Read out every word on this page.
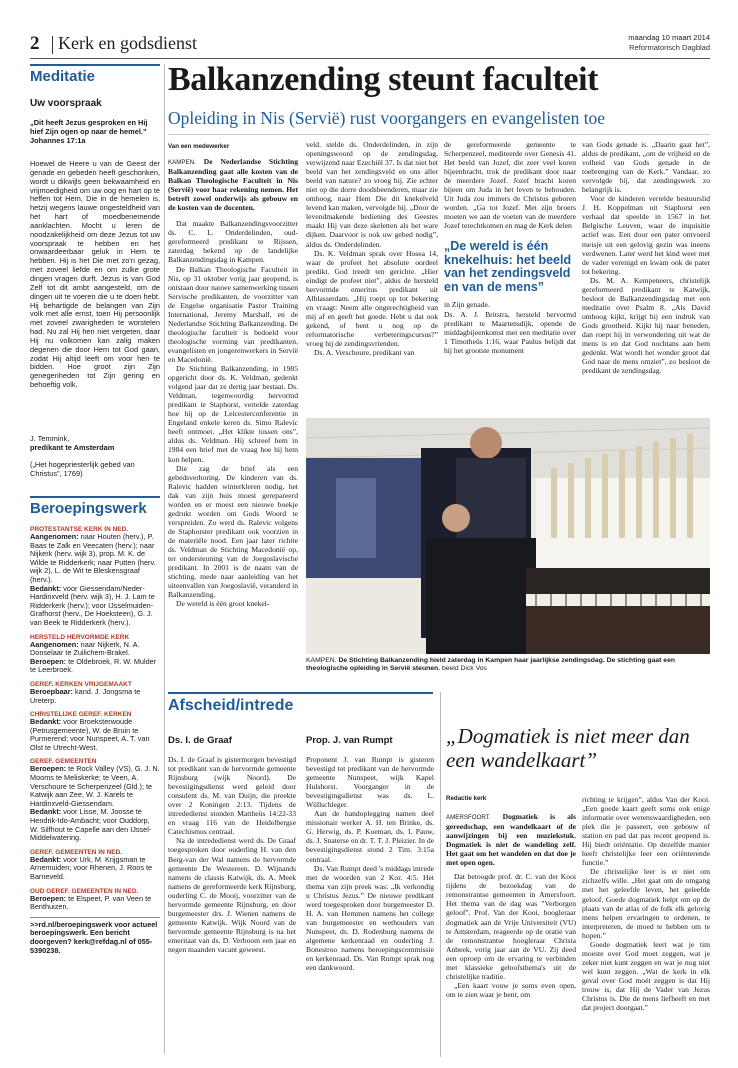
2 Kerk en godsdienst	maandag 10 maart 2014
Reformatorisch Dagblad
Meditatie
Uw voorspraak
„Dit heeft Jezus gesproken en Hij hief Zijn ogen op naar de hemel.” Johannes 17:1a
Hoewel de Heere u van de Geest der genade en gebeden heeft geschonken, wordt u dikwijls geen bekwaamheid en vrijmoedigheid om uw oog en hart op te heffen tot Hem, Die in de hemelen is, hetzij wegens lauwe ongesteldheid van het hart of moedbenemende aanklachten. Mocht u leren de noodzakelijkheid om deze Jezus tot uw voorspraak te hebben en het onwaardeerbaar geluk in Hem te hebben. Hij is het Die met zo'n gezag, met zoveel liefde en om zulke grote dingen vragen durft. Jezus is van God Zelf tot dit ambt aangesteld, om de dingen uit te voeren die u te doen hebt. Hij behartigde de belangen van Zijn volk met alle ernst, toen Hij persoonlijk met zoveel zwarigheden te worstelen had. Nu zal Hij hen niet vergeten, daar Hij nu volkomen kan zalig maken degenen die door Hem tot God gaan, zodat Hij altijd leeft om voor hen te bidden. Hoe groot zijn Zijn genegenheden tot Zijn gering en behoeftig volk.
J. Temmink,
predikant te Amsterdam
(„Het hogepriesterlijk gebed van Christus”, 1769)
Beroepingswerk
PROTESTANTSE KERK IN NED.

Aangenomen: naar Houten (herv.), P. Baas te Zalk en Veecaten (herv.); naar Nijkerk (herv. wijk 3), prop. M. K. de Wilde te Ridderkerk; naar Putten (herv. wijk 2), L. de Wit te Bleskensgraaf (herv.).

Bedankt: voor Giessendam/Neder-Hardinxveld (herv. wijk 3), H. J. Lam te Ridderkerk (herv.); voor IJsselmuiden-Grafhorst (herv., De Hoeksteen), G. J. van Beek te Ridderkerk (herv.).

HERSTELD HERVORMDE KERK

Aangenomen: naar Nijkerk, N. A. Donselaar te Zuilichem-Brakel.

Beroepen: te Oldebroek, R. W. Mulder te Leerbroek.

GEREF. KERKEN VRIJGEMAAKT

Beroepbaar: kand. J. Jongsma te Ureterp.

CHRISTELIJKE GEREF. KERKEN

Bedankt: voor Broeksterwoude (Petrusgemeente), W. de Bruin te Purmerend; voor Nunspeet, A. T. van Olst te Utrecht-West.

GEREF. GEMEENTEN

Beroepen: te Rock Valley (VS), G. J. N. Mooms te Meliskerke; te Veen, A. Verschoure te Scherpenzeel (Gld.); te Katwijk aan Zee, W. J. Karels te Hardinxveld-Giessendam.

Bedankt: voor Lisse, M. Joosse te Hendrik-Ido-Ambacht; voor Ouddorp, W. Silfhout te Capelle aan den IJssel-Middelwatering.

GEREF. GEMEENTEN IN NED.

Bedankt: voor Urk, M. Krijgsman te Arnemuiden; voor Rhenen, J. Roos te Barneveld.

OUD GEREF. GEMEENTEN IN NED.

Beroepen: te Elspeet, P. van Veen te Benthuizen.

>>rd.nl/beroepingswerk voor actueel beroepingswerk. Een bericht doorgeven? kerk@refdag.nl of 055-5390238.

Balkanzending steunt faculteit
Opleiding in Nis (Servië) rust voorgangers en evangelisten toe
Van een medewerker

KAMPEN. De Nederlandse Stichting Balkanzending gaat alle kosten van de Balkan Theologische Faculteit in Nis (Servië) voor haar rekening nemen. Het betreft zowel onderwijs als gebouw en de kosten van de docenten.

Dat maakte Balkanzendingsvoorzitter ds. C. L. Onderdelinden, oud-gereformeerd predikant te Rijssen, zaterdag bekend op de landelijke Balkanzendingsdag in Kampen.

De Balkan Theologische Faculteit in Nis, op 31 oktober vorig jaar geopend, is ontstaan door nauwe samenwerking tussen Servische predikanten, de voorzitter van de Engelse organisatie Pastor Training International, Jeremy Marshall, en de Nederlandse Stichting Balkanzending. De theologische faculteit is bedoeld voor theologische vorming van predikanten, evangelisten en jongerenwerkers in Servië en Macedonië.

De Stichting Balkanzending, in 1985 opgericht door ds. K. Veldman, gedenkt volgend jaar dat ze dertig jaar bestaat. Ds. Veldman, tegenwoordig hervormd predikant te Staphorst, vertelde zaterdag hoe hij op de Leicesterconferentie in Engeland enkele keren ds. Simo Ralevic heeft ontmoet. „Het klikte tussen ons”, aldus ds. Veldman. Hij schreef hem in 1984 een brief met de vraag hoe hij hem kon helpen.

Die zag de brief als een gebedsverhoring. De kinderen van ds. Ralevic hadden winterkleren nodig, het dak van zijn huis moest gerepareerd worden en er moest een nieuwe boekje gedrukt worden om Gods Woord te verspreiden. Zo werd ds. Ralevic volgens de Staphorster predikant ook voorzien in de materiële nood. Een jaar later richtte ds. Veldman de Stichting Macedonië op, ter ondersteuning van de Joegoslavische predikant. In 2001 is de naam van de stichting, mede naar aanleiding van het uiteenvallen van Joegoslavië, veranderd in Balkanzending.

De wereld is één groot knekel-

veld. stelde ds. Onderdelinden, in zijn openingswoord op de zendingsdag, verwijzend naar Ezechiël 37. Is dat niet het beeld van het zendingsveld en ons aller beeld van nature? zo vroeg hij. Zie echter niet op die dorre doodsbeenderen, maar zie omhoog, naar Hem Die dit knekelveld levend kan maken, vervolgde hij. „Door de levendmakende bediening des Geestes maakt Hij van deze skeletten als het ware dijken. Daarvoor is ook uw gebed nodig”, aldus ds. Onderdelinden.

Ds. K. Veldman sprak over Hosea 14, waar de profeet het absolute oordeel predikt. God treedt ten gerichte. „Hier eindigt de profeet niet”, aldus de hersteld hervormde emeritus predikant uit Alblasserdam. „Hij roept op tot bekering en vraagt: Neem alle ongerechtigheid van mij af en geeft het goede. Hebt u dat ook gekend, of bent u nog op de reformatorische verbeteringscursus?” vroeg hij de zendingsvrienden.

Ds. A. Verschoure, predikant van

de gereformeerde gemeente te Scherpenzeel, mediteerde over Genesis 41. Het beeld van Jozef, die zeer veel koren bijeenbracht, trok de predikant door naar de meerdere Jozef. Jozef bracht koren bijeen om Juda in het leven te behouden. Uit Juda zou immers de Christus geboren worden. „Ga tot Jozef. Met zijn broers moeten we aan de voeten van de meerdere Jozef terechtkomen en mag de Kerk delen

„De wereld is één knekelhuis: het beeld van het zendingsveld en van de mens”

in Zijn genade.
Ds. A. J. Britstra, hersteld hervormd predikant te Maartensdijk, opende de middagbijeenkomst met een meditatie over 1 Timotheüs 1:16, waar Paulus belijdt dat hij het grootste monument

van Gods genade is. „Daarin gaat het”, aldus de predikant, „om de vrijheid en de volheid van Gods genade in de toebrenging van de Kerk.” Vandaar, zo vervolgde hij, dat zendingswerk zo belangrijk is.

Voor de kinderen vertelde bestuurslid J. H. Koppelman uit Staphorst een verhaal dat speelde in 1567 in het Belgische Leuven, waar de inquisitie actief was. Een door een pater ontvoerd meisje uit een gelovig gezin was ineens verdwenen. Later werd het kind weer met de vader verenigd en kwam ook de pater tot bekering.

Ds. M. A. Kempeneers, christelijk gereformeerd predikant te Katwijk, besloot de Balkanzendingsdag met een meditatie over Psalm 8. „Als David omhoog kijkt, krijgt hij een indruk van Gods grootheid. Kijkt hij naar beneden, dan roept hij in verwondering uit wat de mens is en dat God nochtans aan hem gedenkt. Wat wordt het wonder groot dat God naar de mens omziet”, zo besloot de predikant de zendingsdag.

KAMPEN. De Stichting Balkanzending hield zaterdag in Kampen haar jaarlijkse zendingsdag. De stichting gaat een theologische opleiding in Servië steunen. beeld Dick Vos
Afscheid/intrede
Ds. I. de Graaf

Ds. I. de Graaf is gistermorgen bevestigd tot predikant van de hervormde gemeente Rijnsburg (wijk Noord). De bevestigingsdienst werd geleid door consulent ds. M. van Duijn, die preekte over 2 Koningen 2:13. Tijdens de intrededienst stonden Mattheüs 14:22-33 en vraag 116 van de Heidelbergse Catechismus centraal.

Na de intrededienst werd ds. De Graaf toegesproken door ouderling H. van den Berg-van der Wal namens de hervormde gemeente De Westereen. D. Wijnands namens de classis Katwijk, ds. A. Meek namens de gereformeerde kerk Rijnsburg, ouderling C. de Mooij, voorzitter van de hervormde gemeente Rijnsburg, en door burgemeester drs. J. Wienen namens de gemeente Katwijk. Wijk Noord van de hervormde gemeente Rijnsburg is na het emeritaat van ds. D. Verboom een jaar en negen maanden vacant geweest.

Prop. J. van Rumpt

Proponent J. van Rumpt is gisteren bevestigd tot predikant van de hervormde gemeente Nunspeet, wijk Kapel Hulshorst. Voorganger in de bevestigingsdienst was ds. L. Wüllschleger.

Aan de handoplegging namen deel missionair werker A. H. ten Brinke, ds. G. Herwig, ds. P. Koeman, ds. I. Pauw, ds. J. Snaterse en dr. T. T. J. Pleizier. In de bevestigingsdienst stond 2 Tim. 3:15a centraal.

Ds. Van Rumpt deed 's middags intrede met de woorden van 2 Kor. 4:5. Het thema van zijn preek was: „Ik verkondig u Christus Jezus.” De nieuwe predikant werd toegesproken door burgemeester D. H. A. van Hemmen namens het college van burgemeester en wethouders van Nunspeet, ds. D. Rodenburg namens de algemene kerkenraad en ouderling J. Bonestroo namens beroepingscommissie en kerkenraad. Ds. Van Rumpt sprak nog een dankwoord.

„Dogmatiek is niet meer dan een wandelkaart”
Redactie kerk

AMERSFOORT. Dogmatiek is als gereedschap, een wandelkaart of de aanwijzingen bij een muziekstuk. Dogmatiek is niet de wandeling zelf. Het gaat om het wandelen en dat doe je met open ogen.

Dat betoogde prof. dr. C. van der Kooi tijdens de bezoekdag van de remonstrantse gemeenten in Amersfoort. Het thema van de dag was "Verborgen geloof". Prof. Van der Kooi, hoogleraar dogmatiek aan de Vrije Universiteit (VU) te Amsterdam, reageerde op de oratie van de remonstrantse hoogleraar Christa Anbeek, vorig jaar aan de VU. Zij deed een oproep om de ervaring te verbinden met klassieke geloofsthema's uit de christelijke traditie.

„Een kaart vouw je soms even open, om te zien waar je bent, om

richting te krijgen”, aldus Van der Kooi. „Een goede kaart geeft soms ook enige informatie over wetenswaardigheden, een plek die je passeert, een gebouw of station en pad dat pas recent geopend is. Hij biedt oriëntatie. Op dezelfde manier heeft christelijke leer een oriënterende functie.”

De christelijke leer is er niet om zichzelfs wille. „Het gaat om de omgang met het geleefde leven, het geleefde geloof. Goede dogmatiek helpt om op de plaats van de atlas of de folk elk gelovig mens helpen ervaringen te ordenen, te interpreteren, de moed te hebben om te hopen.”

Goede dogmatiek leert wat je tim moeste over God moet zeggen, wat je zeker niet kunt zeggen en wat je nog niet wel kunt zeggen. „Wat de kerk in elk geval over God moét zeggen is dat Hij trouw is, dat Hij de Vader van Jezus Christus is. Die de mens liefheeft en met dat project doorgaat.”
